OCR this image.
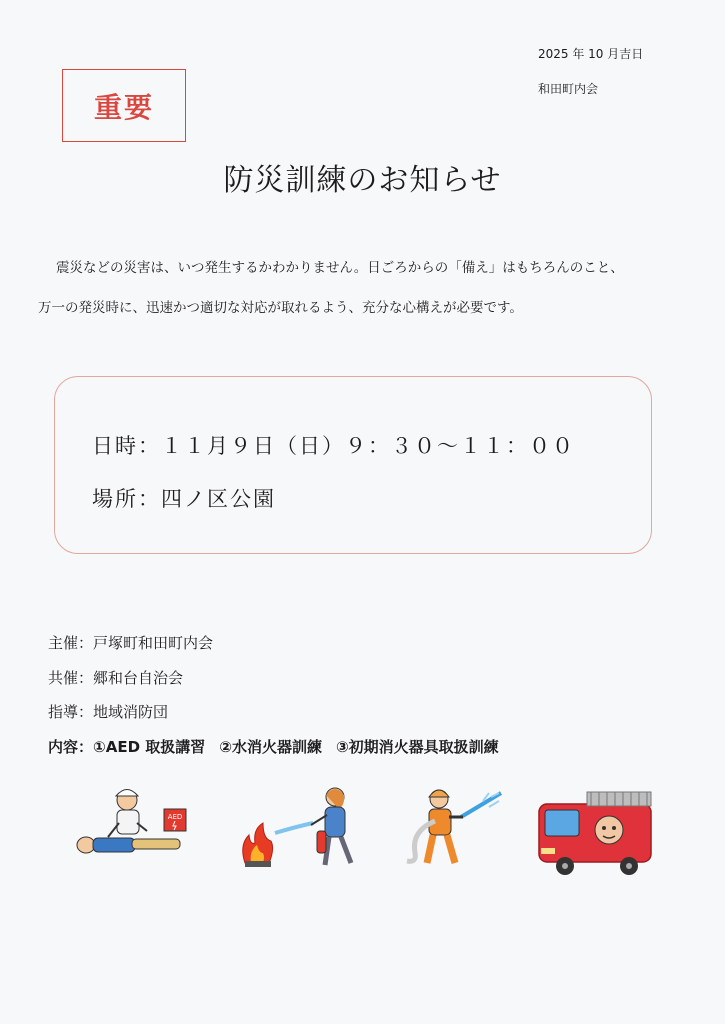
2025 年 10 月吉日
和田町内会
重要
防災訓練のお知らせ

震災などの災害は、いつ発生するかわかりません。日ごろからの「備え」はもちろんのこと、

万一の発災時に、迅速かつ適切な対応が取れるよう、充分な心構えが必要です。

日時：１１月９日（日）９：３０～１１：００
場所：四ノ区公園
主催：戸塚町和田町内会
共催：郷和台自治会
指導：地域消防団
内容：①AED 取扱講習 ②水消火器訓練 ③初期消火器具取扱訓練
AED
